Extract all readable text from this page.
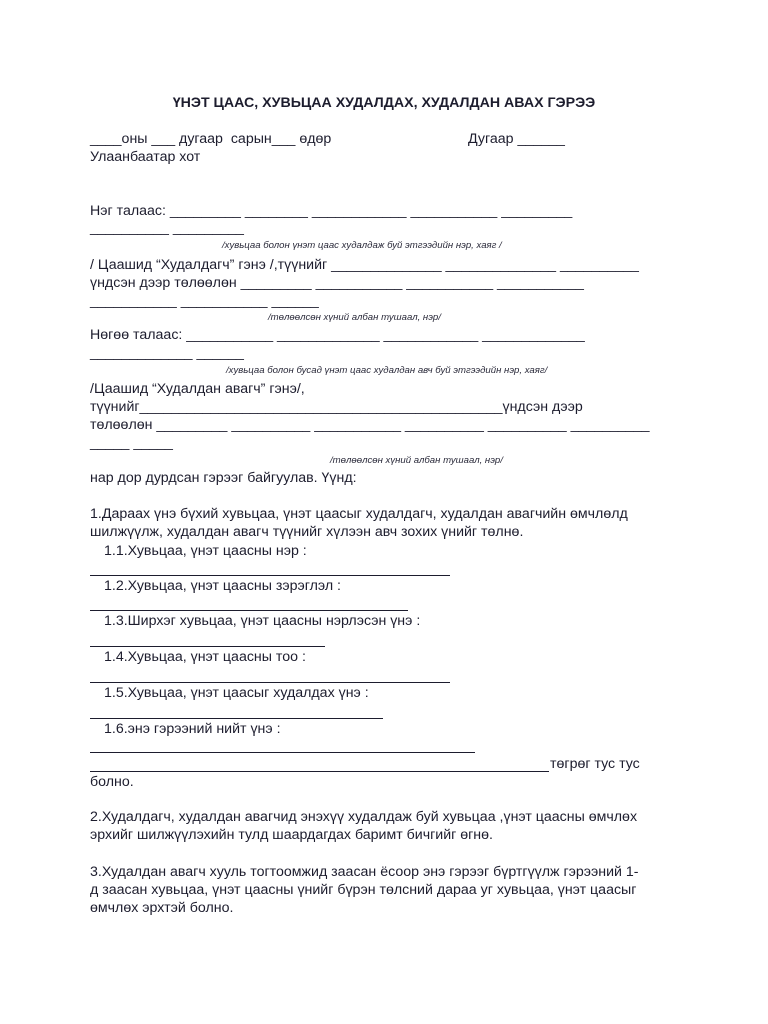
ҮНЭТ ЦААС, ХУВЬЦАА ХУДАЛДАХ, ХУДАЛДАН АВАХ ГЭРЭЭ
____оны ___ дугаар  сарын___ өдөр	Дугаар ______
Улаанбаатар хот
Нэг талаас: _________ ________ ____________ ___________ _________
__________ _________
/хувьцаа болон үнэт цаас худалдаж буй этгээдийн нэр, хаяг /
/ Цаашид “Худалдагч” гэнэ /,түүнийг ______________ ______________ __________
үндсэн дээр төлөөлөн _________ ___________ ___________ ___________
___________ ___________ ______
/төлөөлсөн хүний албан тушаал, нэр/
Нөгөө талаас: ___________ _____________ ____________ _____________
_____________ ______
/хувьцаа болон бусад үнэт цаас худалдан авч буй этгээдийн нэр, хаяг/
/Цаашид “Худалдан авагч” гэнэ/,
түүнийг______________________________________________үндсэн дээр
төлөөлөн _________ __________ ___________ __________ __________ __________
_____ _____
/төлөөлсөн хүний албан тушаал, нэр/
нар дор дурдсан гэрээг байгуулав. Үүнд:
1.Дараах үнэ бүхий хувьцаа, үнэт цаасыг худалдагч, худалдан авагчийн өмчлөлд
шилжүүлж, худалдан авагч түүнийг хүлээн авч зохих үнийг төлнө.
1.1.Хувьцаа, үнэт цаасны нэр :
1.2.Хувьцаа, үнэт цаасны зэрэглэл :
1.3.Ширхэг хувьцаа, үнэт цаасны нэрлэсэн үнэ :
1.4.Хувьцаа, үнэт цаасны тоо :
1.5.Хувьцаа, үнэт цаасыг худалдах үнэ :
1.6.энэ гэрээний нийт үнэ :
төгрөг тус тус
болно.
2.Худалдагч, худалдан авагчид энэхүү худалдаж буй хувьцаа ,үнэт цаасны өмчлөх
эрхийг шилжүүлэхийн тулд шаардагдах баримт бичгийг өгнө.
3.Худалдан авагч хууль тогтоомжид заасан ёсоор энэ гэрээг бүртгүүлж гэрээний 1-
д заасан хувьцаа, үнэт цаасны үнийг бүрэн төлсний дараа уг хувьцаа, үнэт цаасыг
өмчлөх эрхтэй болно.
